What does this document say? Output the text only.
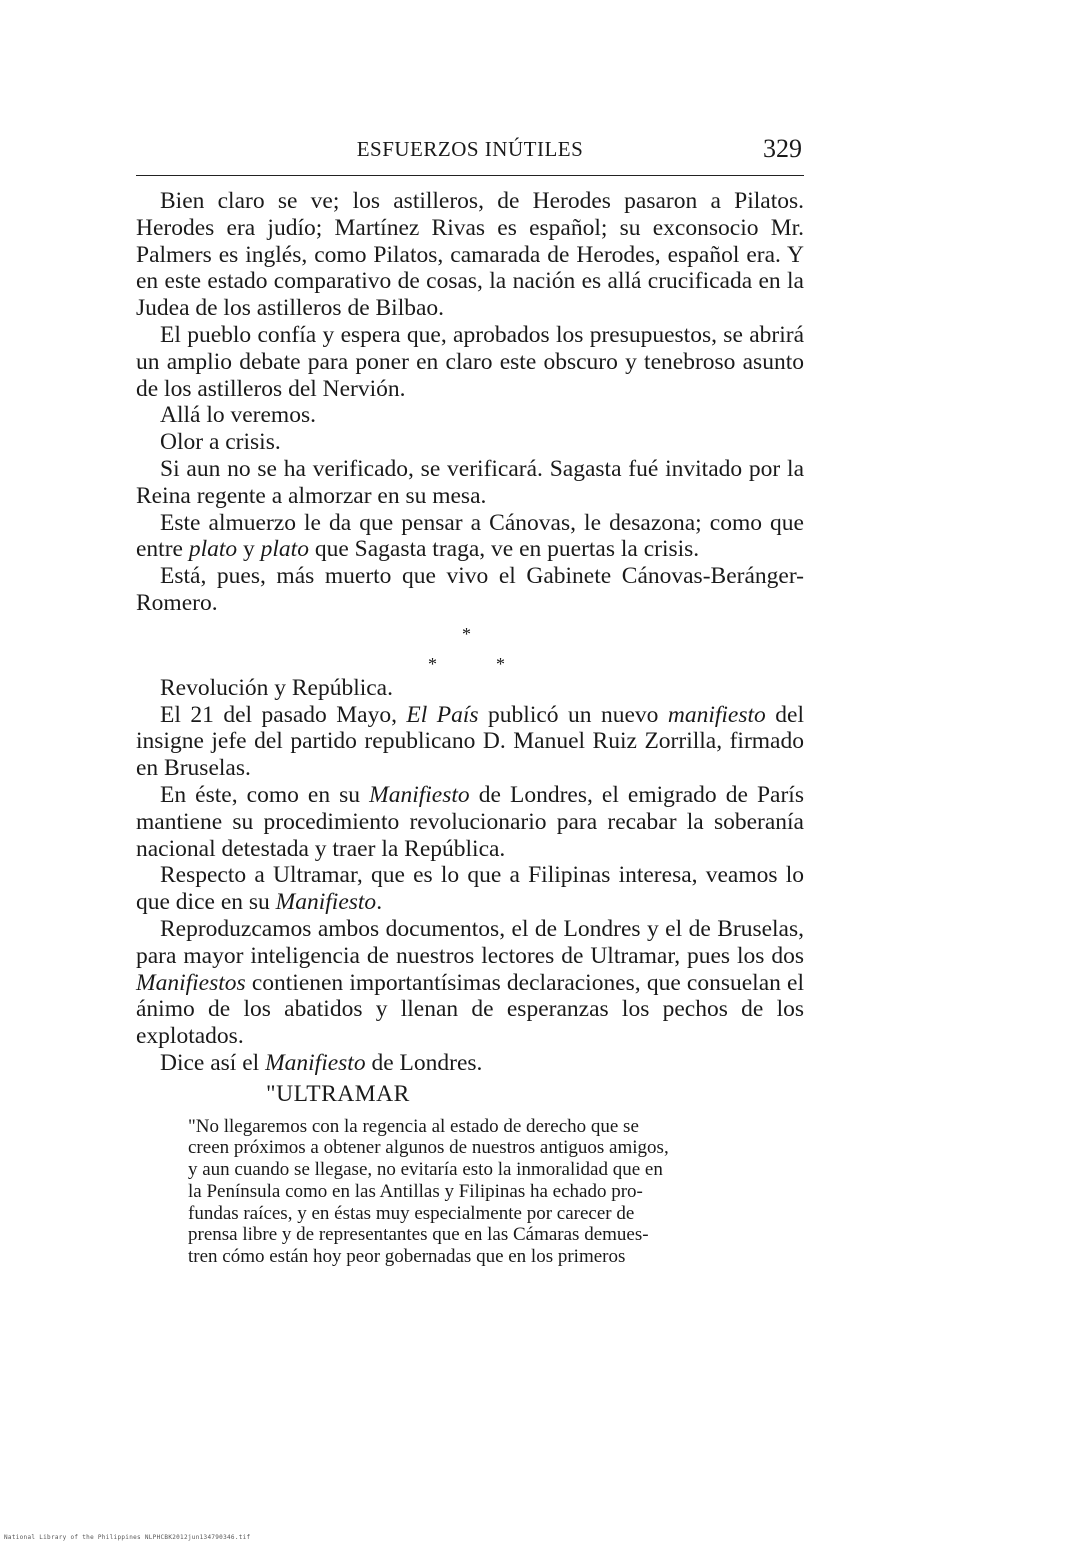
ESFUERZOS INÚTILES	329

Bien claro se ve; los astilleros, de Herodes pasaron a Pilatos. Herodes era judío; Martínez Rivas es español; su exconsocio Mr. Palmers es inglés, como Pilatos, camarada de Herodes, español era. Y en este estado comparativo de cosas, la nación es allá crucificada en la Judea de los astilleros de Bilbao.

El pueblo confía y espera que, aprobados los presupuestos, se abrirá un amplio debate para poner en claro este obscuro y tenebroso asunto de los astilleros del Nervión.

Allá lo veremos.

Olor a crisis.

Si aun no se ha verificado, se verificará. Sagasta fué invitado por la Reina regente a almorzar en su mesa.

Este almuerzo le da que pensar a Cánovas, le desazona; como que entre plato y plato que Sagasta traga, ve en puertas la crisis.

Está, pues, más muerto que vivo el Gabinete Cánovas-Beránger-Romero.

*
*	*

Revolución y República.

El 21 del pasado Mayo, El País publicó un nuevo manifiesto del insigne jefe del partido republicano D. Manuel Ruiz Zorrilla, firmado en Bruselas.

En éste, como en su Manifiesto de Londres, el emigrado de París mantiene su procedimiento revolucionario para recabar la soberanía nacional detestada y traer la República.

Respecto a Ultramar, que es lo que a Filipinas interesa, veamos lo que dice en su Manifiesto.

Reproduzcamos ambos documentos, el de Londres y el de Bruselas, para mayor inteligencia de nuestros lectores de Ultramar, pues los dos Manifiestos contienen importantísimas declaraciones, que consuelan el ánimo de los abatidos y llenan de esperanzas los pechos de los explotados.

Dice así el Manifiesto de Londres.

"ULTRAMAR

"No llegaremos con la regencia al estado de derecho que se
creen próximos a obtener algunos de nuestros antiguos amigos,
y aun cuando se llegase, no evitaría esto la inmoralidad que en
la Península como en las Antillas y Filipinas ha echado pro-
fundas raíces, y en éstas muy especialmente por carecer de
prensa libre y de representantes que en las Cámaras demues-
tren cómo están hoy peor gobernadas que en los primeros

National Library of the Philippines NLPHCBK2012jun134790346.tif
